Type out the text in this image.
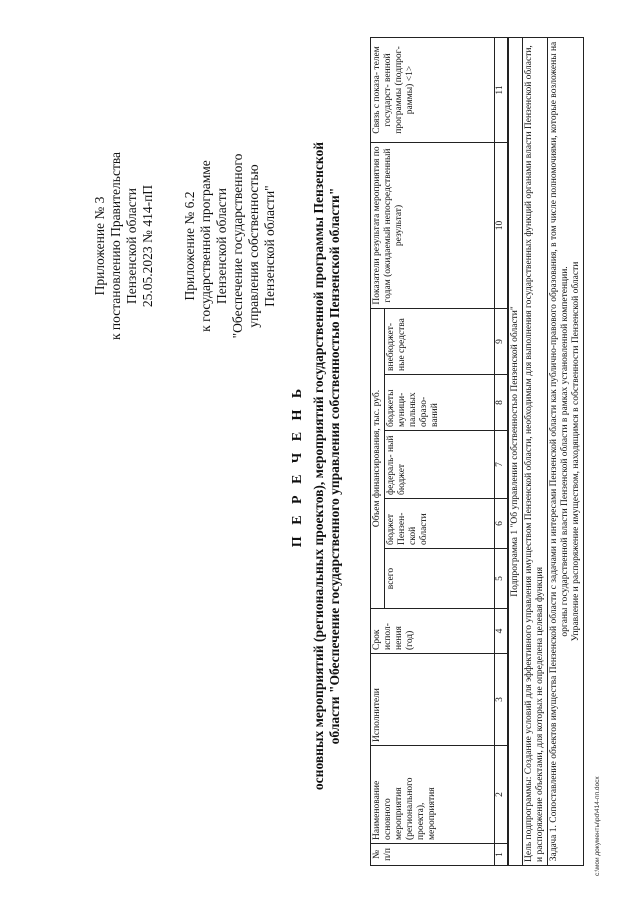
Приложение № 3 к постановлению Правительства Пензенской области 25.05.2023 № 414-пП Приложение № 6.2 к государственной программе Пензенской области "Обеспечение государственного управления собственностью Пензенской области"
П Е Р Е Ч Е Н Ь основных мероприятий (региональных проектов), мероприятий государственной программы Пензенской области "Обеспечение государственного управления собственностью Пензенской области"
№ п/п	Наименование основного мероприятия (регионального проекта), мероприятия	Исполнители	Срок испол- нения (год)	Объем финансирования, тыс. руб.					Показатели результата мероприятия по годам (ожидаемый непосредственный результат)	Связь с показа- телем государст- венной программы (подпрог- раммы) <1>
				всего	бюджет Пензен- ской области	федераль- ный бюджет	бюджеты муници- пальных образо- ваний	внебюджет- ные средства		
1	2	3	4	5	6	7	8	9	10	11
Подпрограмма 1 "Об управлении собственностью Пензенской области"										
Цель подпрограммы: Создание условий для эффективного управления имуществом Пензенской области, необходимым для выполнения государственных функций органами власти Пензенской области, и распоряжение объектами, для которых не определена целевая функция										

Задача 1. Сопоставление объектов имущества Пензенской области с задачами и интересами Пензенской области как публично-правового образования, в том числе полномочиями, которые возложены на органы государственной власти Пензенской области в рамках установленной компетенции. Управление и распоряжение имуществом, находящимся в собственности Пензенской области										
c:\мои документы\pd\414-пп.docx
